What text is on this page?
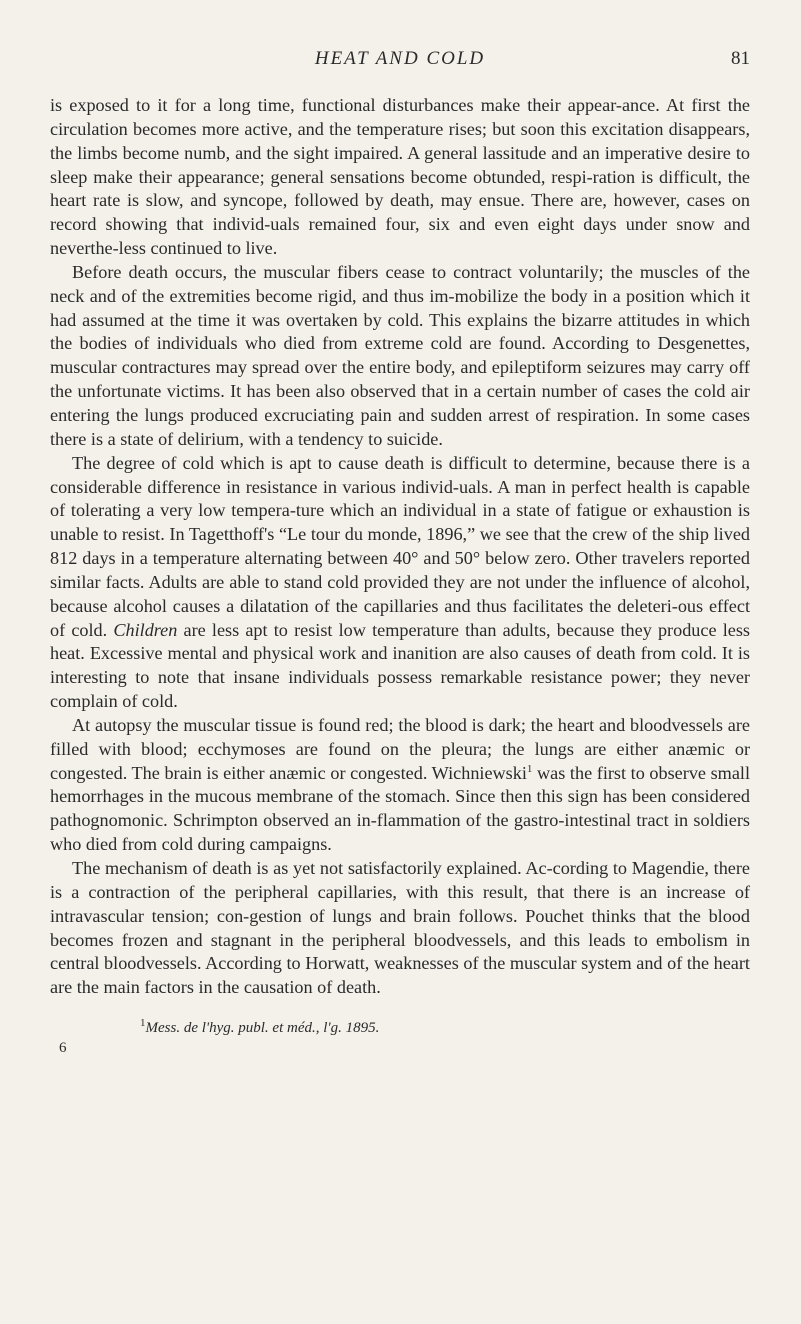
HEAT AND COLD	81

is exposed to it for a long time, functional disturbances make their appear-ance. At first the circulation becomes more active, and the temperature rises; but soon this excitation disappears, the limbs become numb, and the sight impaired. A general lassitude and an imperative desire to sleep make their appearance; general sensations become obtunded, respi-ration is difficult, the heart rate is slow, and syncope, followed by death, may ensue. There are, however, cases on record showing that individ-uals remained four, six and even eight days under snow and neverthe-less continued to live.

Before death occurs, the muscular fibers cease to contract voluntarily; the muscles of the neck and of the extremities become rigid, and thus im-mobilize the body in a position which it had assumed at the time it was overtaken by cold. This explains the bizarre attitudes in which the bodies of individuals who died from extreme cold are found. According to Desgenettes, muscular contractures may spread over the entire body, and epileptiform seizures may carry off the unfortunate victims. It has been also observed that in a certain number of cases the cold air entering the lungs produced excruciating pain and sudden arrest of respiration. In some cases there is a state of delirium, with a tendency to suicide.

The degree of cold which is apt to cause death is difficult to determine, because there is a considerable difference in resistance in various individ-uals. A man in perfect health is capable of tolerating a very low tempera-ture which an individual in a state of fatigue or exhaustion is unable to resist. In Tagetthoff's “Le tour du monde, 1896,” we see that the crew of the ship lived 812 days in a temperature alternating between 40° and 50° below zero. Other travelers reported similar facts. Adults are able to stand cold provided they are not under the influence of alcohol, because alcohol causes a dilatation of the capillaries and thus facilitates the deleteri-ous effect of cold. Children are less apt to resist low temperature than adults, because they produce less heat. Excessive mental and physical work and inanition are also causes of death from cold. It is interesting to note that insane individuals possess remarkable resistance power; they never complain of cold.

At autopsy the muscular tissue is found red; the blood is dark; the heart and bloodvessels are filled with blood; ecchymoses are found on the pleura; the lungs are either anæmic or congested. The brain is either anæmic or congested. Wichniewski$^1$ was the first to observe small hemorrhages in the mucous membrane of the stomach. Since then this sign has been considered pathognomonic. Schrimpton observed an in-flammation of the gastro-intestinal tract in soldiers who died from cold during campaigns.

The mechanism of death is as yet not satisfactorily explained. Ac-cording to Magendie, there is a contraction of the peripheral capillaries, with this result, that there is an increase of intravascular tension; con-gestion of lungs and brain follows. Pouchet thinks that the blood becomes frozen and stagnant in the peripheral bloodvessels, and this leads to embolism in central bloodvessels. According to Horwatt, weaknesses of the muscular system and of the heart are the main factors in the causation of death.

$^1$Mess. de l'hyg. publ. et méd., l'g. 1895.
6
